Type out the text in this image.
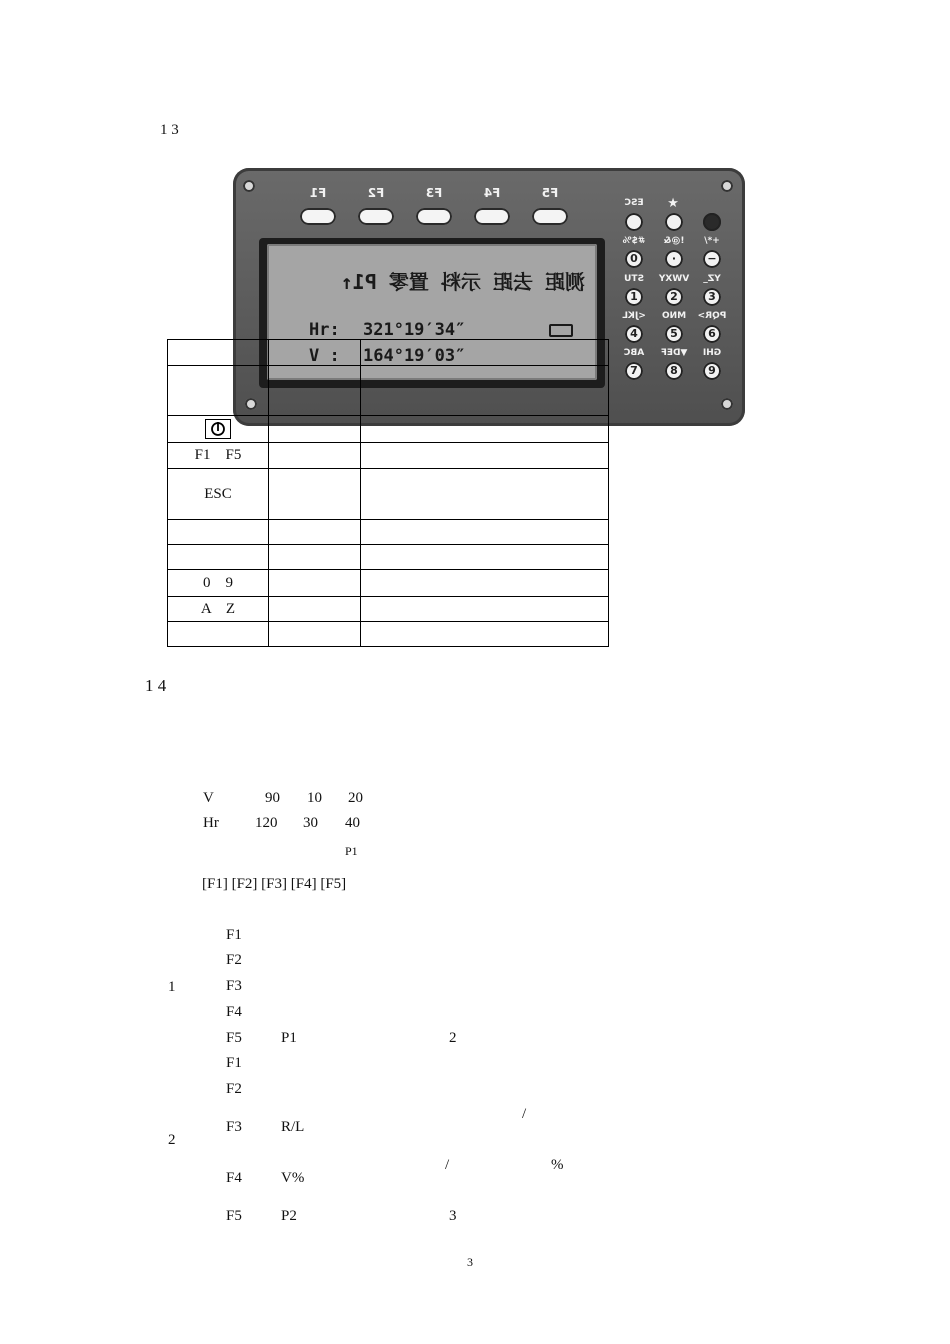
1 3
F1	F2	F3	F4	F5
测距 去距 示料 置零 P1↑
Hr: 321°19′34″
V : 164°19′03″
ESC	★
#$%	!@&	+*/
0	·	−
STU	VWXY	YZ_
1	2	3
<JKL	MNO	PQR>
4	5	6
ABC	▼DEF	GHI
7	8	9

F1    F5		
ESC		

0    9		
A    Z		

1 4
V	90 10 20
Hr 120 30 40
P1
[F1] [F2] [F3] [F4] [F5]
1
F1
F2
F3
F4
F5	P1	2
2
F1
F2
F3	R/L
/
F4	V%
/	%
F5	P2	3
3
